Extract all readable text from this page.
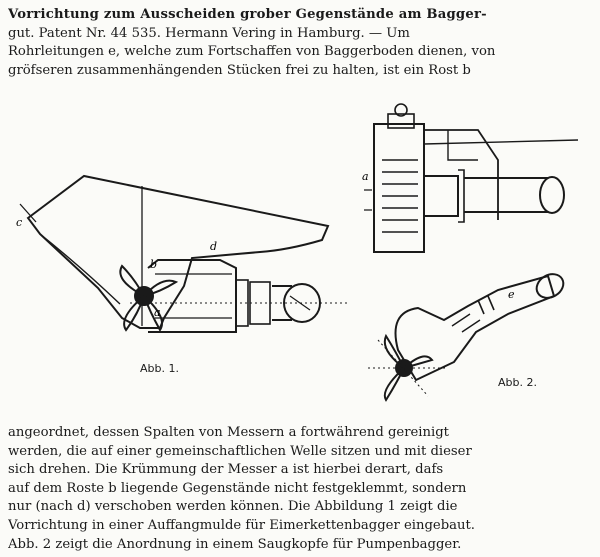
Vorrichtung zum Ausscheiden grober Gegenstände am Bagger-
gut. Patent Nr. 44 535. Hermann Vering in Hamburg. — Um
Rohrleitungen e, welche zum Fortschaffen von Baggerboden dienen, von
gröfseren zusammenhängenden Stücken frei zu halten, ist ein Rost b
c
d
b
a
Abb. 1.
a
e
Abb. 2.
angeordnet, dessen Spalten von Messern a fortwährend gereinigt
werden, die auf einer gemeinschaftlichen Welle sitzen und mit dieser
sich drehen. Die Krümmung der Messer a ist hierbei derart, dafs
auf dem Roste b liegende Gegenstände nicht festgeklemmt, sondern
nur (nach d) verschoben werden können. Die Abbildung 1 zeigt die
Vorrichtung in einer Auffangmulde für Eimerkettenbagger eingebaut.
Abb. 2 zeigt die Anordnung in einem Saugkopfe für Pumpenbagger.
